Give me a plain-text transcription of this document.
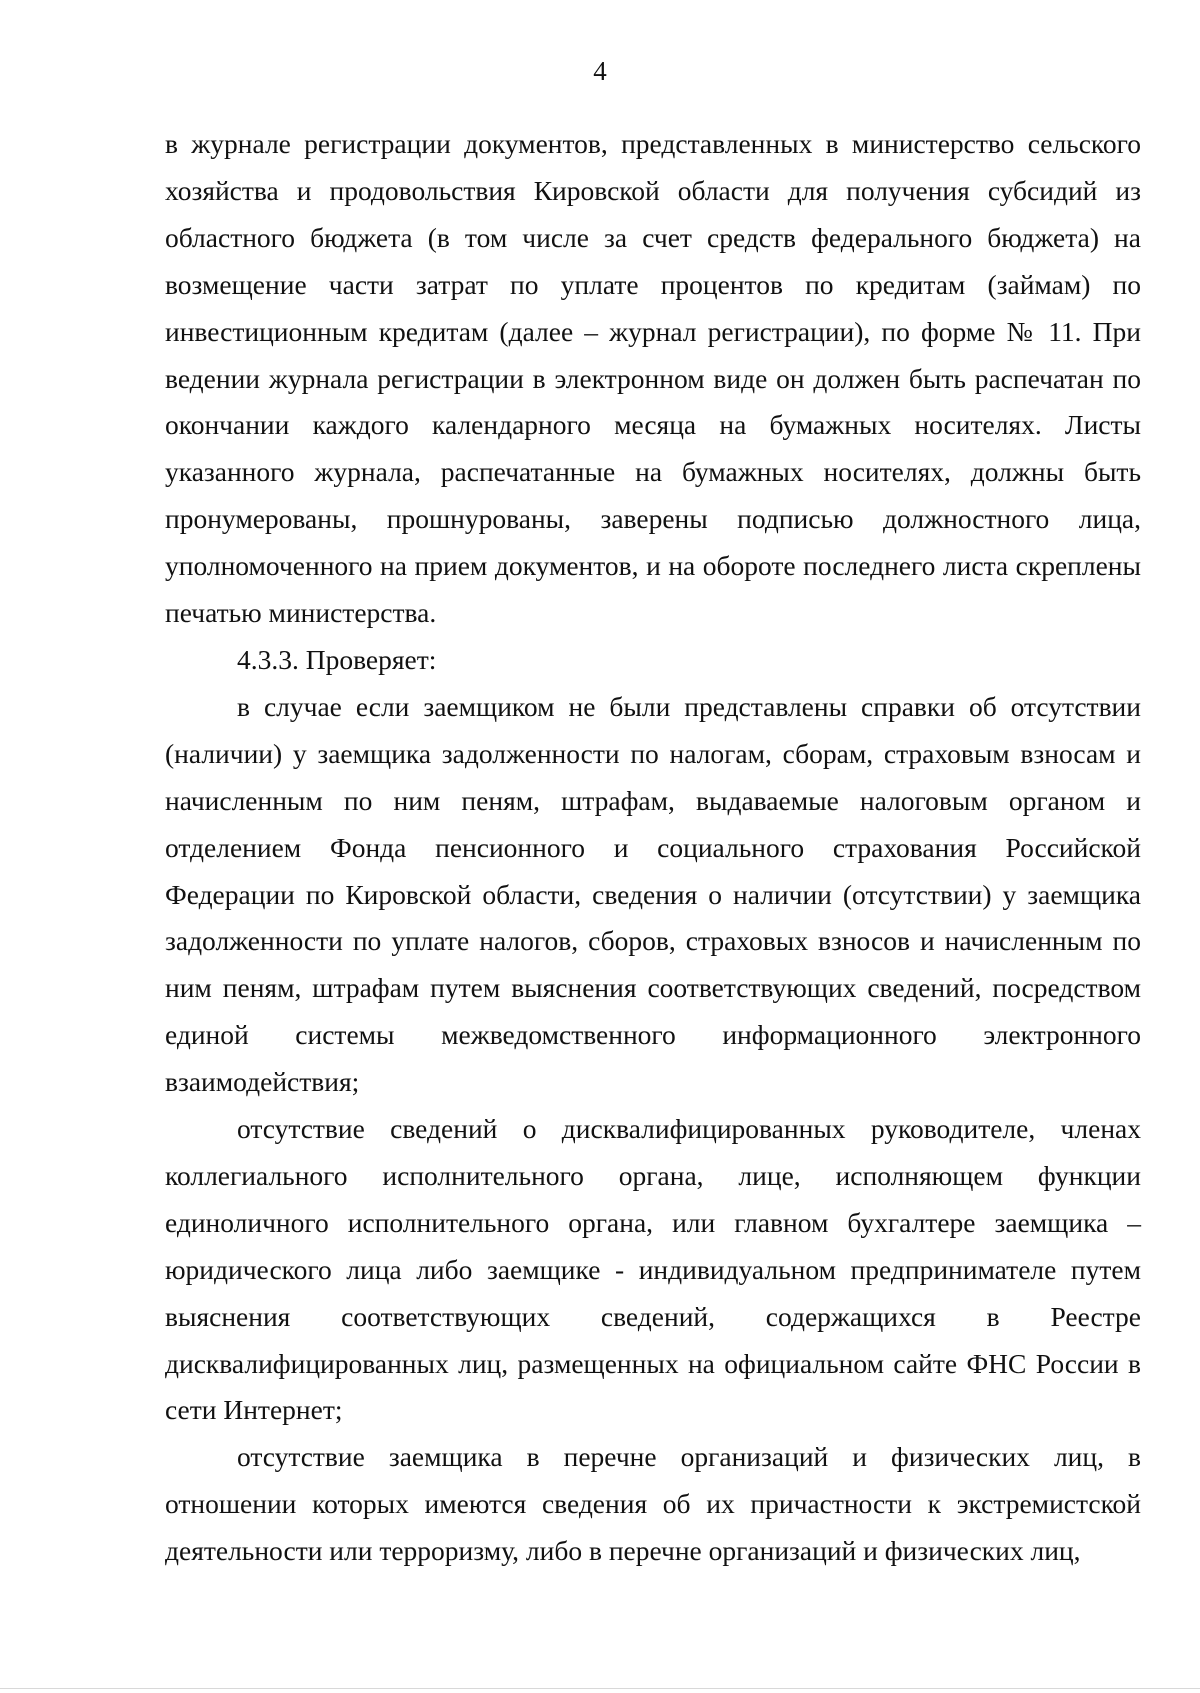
4

в журнале регистрации документов, представленных в министерство сельского хозяйства и продовольствия Кировской области для получения субсидий из областного бюджета (в том числе за счет средств федерального бюджета) на возмещение части затрат по уплате процентов по кредитам (займам) по инвестиционным кредитам (далее – журнал регистрации), по форме № 11. При ведении журнала регистрации в электронном виде он должен быть распечатан по окончании каждого календарного месяца на бумажных носителях. Листы указанного журнала, распечатанные на бумажных носителях, должны быть пронумерованы, прошнурованы, заверены подписью должностного лица, уполномоченного на прием документов, и на обороте последнего листа скреплены печатью министерства.

4.3.3. Проверяет:

в случае если заемщиком не были представлены справки об отсутствии (наличии) у заемщика задолженности по налогам, сборам, страховым взносам и начисленным по ним пеням, штрафам, выдаваемые налоговым органом и отделением Фонда пенсионного и социального страхования Российской Федерации по Кировской области, сведения о наличии (отсутствии) у заемщика задолженности по уплате налогов, сборов, страховых взносов и начисленным по ним пеням, штрафам путем выяснения соответствующих сведений, посредством единой системы межведомственного информационного электронного взаимодействия;

отсутствие сведений о дисквалифицированных руководителе, членах коллегиального исполнительного органа, лице, исполняющем функции единоличного исполнительного органа, или главном бухгалтере заемщика – юридического лица либо заемщике - индивидуальном предпринимателе путем выяснения соответствующих сведений, содержащихся в Реестре дисквалифицированных лиц, размещенных на официальном сайте ФНС России в сети Интернет;

отсутствие заемщика в перечне организаций и физических лиц, в отношении которых имеются сведения об их причастности к экстремистской деятельности или терроризму, либо в перечне организаций и физических лиц,
